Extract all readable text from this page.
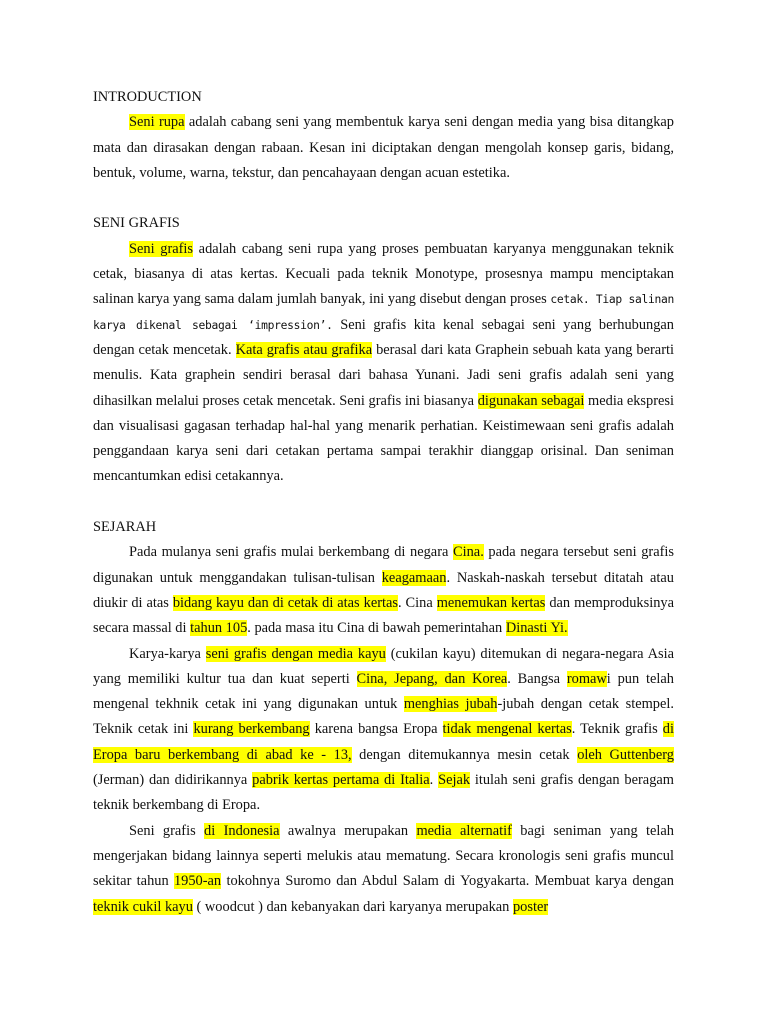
INTRODUCTION

Seni rupa adalah cabang seni yang membentuk karya seni dengan media yang bisa ditangkap mata dan dirasakan dengan rabaan. Kesan ini diciptakan dengan mengolah konsep garis, bidang, bentuk, volume, warna, tekstur, dan pencahayaan dengan acuan estetika.

SENI GRAFIS

Seni grafis adalah cabang seni rupa yang proses pembuatan karyanya menggunakan teknik cetak, biasanya di atas kertas. Kecuali pada teknik Monotype, prosesnya mampu menciptakan salinan karya yang sama dalam jumlah banyak, ini yang disebut dengan proses cetak. Tiap salinan karya dikenal sebagai ‘impression’. Seni grafis kita kenal sebagai seni yang berhubungan dengan cetak mencetak. Kata grafis atau grafika berasal dari kata Graphein sebuah kata yang berarti menulis. Kata graphein sendiri berasal dari bahasa Yunani. Jadi seni grafis adalah seni yang dihasilkan melalui proses cetak mencetak. Seni grafis ini biasanya digunakan sebagai media ekspresi dan visualisasi gagasan terhadap hal-hal yang menarik perhatian. Keistimewaan seni grafis adalah penggandaan karya seni dari cetakan pertama sampai terakhir dianggap orisinal. Dan seniman mencantumkan edisi cetakannya.

SEJARAH

Pada mulanya seni grafis mulai berkembang di negara Cina. pada negara tersebut seni grafis digunakan untuk menggandakan tulisan-tulisan keagamaan. Naskah-naskah tersebut ditatah atau diukir di atas bidang kayu dan di cetak di atas kertas. Cina menemukan kertas dan memproduksinya secara massal di tahun 105. pada masa itu Cina di bawah pemerintahan Dinasti Yi.

Karya-karya seni grafis dengan media kayu (cukilan kayu) ditemukan di negara-negara Asia yang memiliki kultur tua dan kuat seperti Cina, Jepang, dan Korea. Bangsa romawi pun telah mengenal tekhnik cetak ini yang digunakan untuk menghias jubah-jubah dengan cetak stempel. Teknik cetak ini kurang berkembang karena bangsa Eropa tidak mengenal kertas. Teknik grafis di Eropa baru berkembang di abad ke - 13, dengan ditemukannya mesin cetak oleh Guttenberg (Jerman) dan didirikannya pabrik kertas pertama di Italia. Sejak itulah seni grafis dengan beragam teknik berkembang di Eropa.

Seni grafis di Indonesia awalnya merupakan media alternatif bagi seniman yang telah mengerjakan bidang lainnya seperti melukis atau mematung. Secara kronologis seni grafis muncul sekitar tahun 1950-an tokohnya Suromo dan Abdul Salam di Yogyakarta. Membuat karya dengan teknik cukil kayu ( woodcut ) dan kebanyakan dari karyanya merupakan poster
